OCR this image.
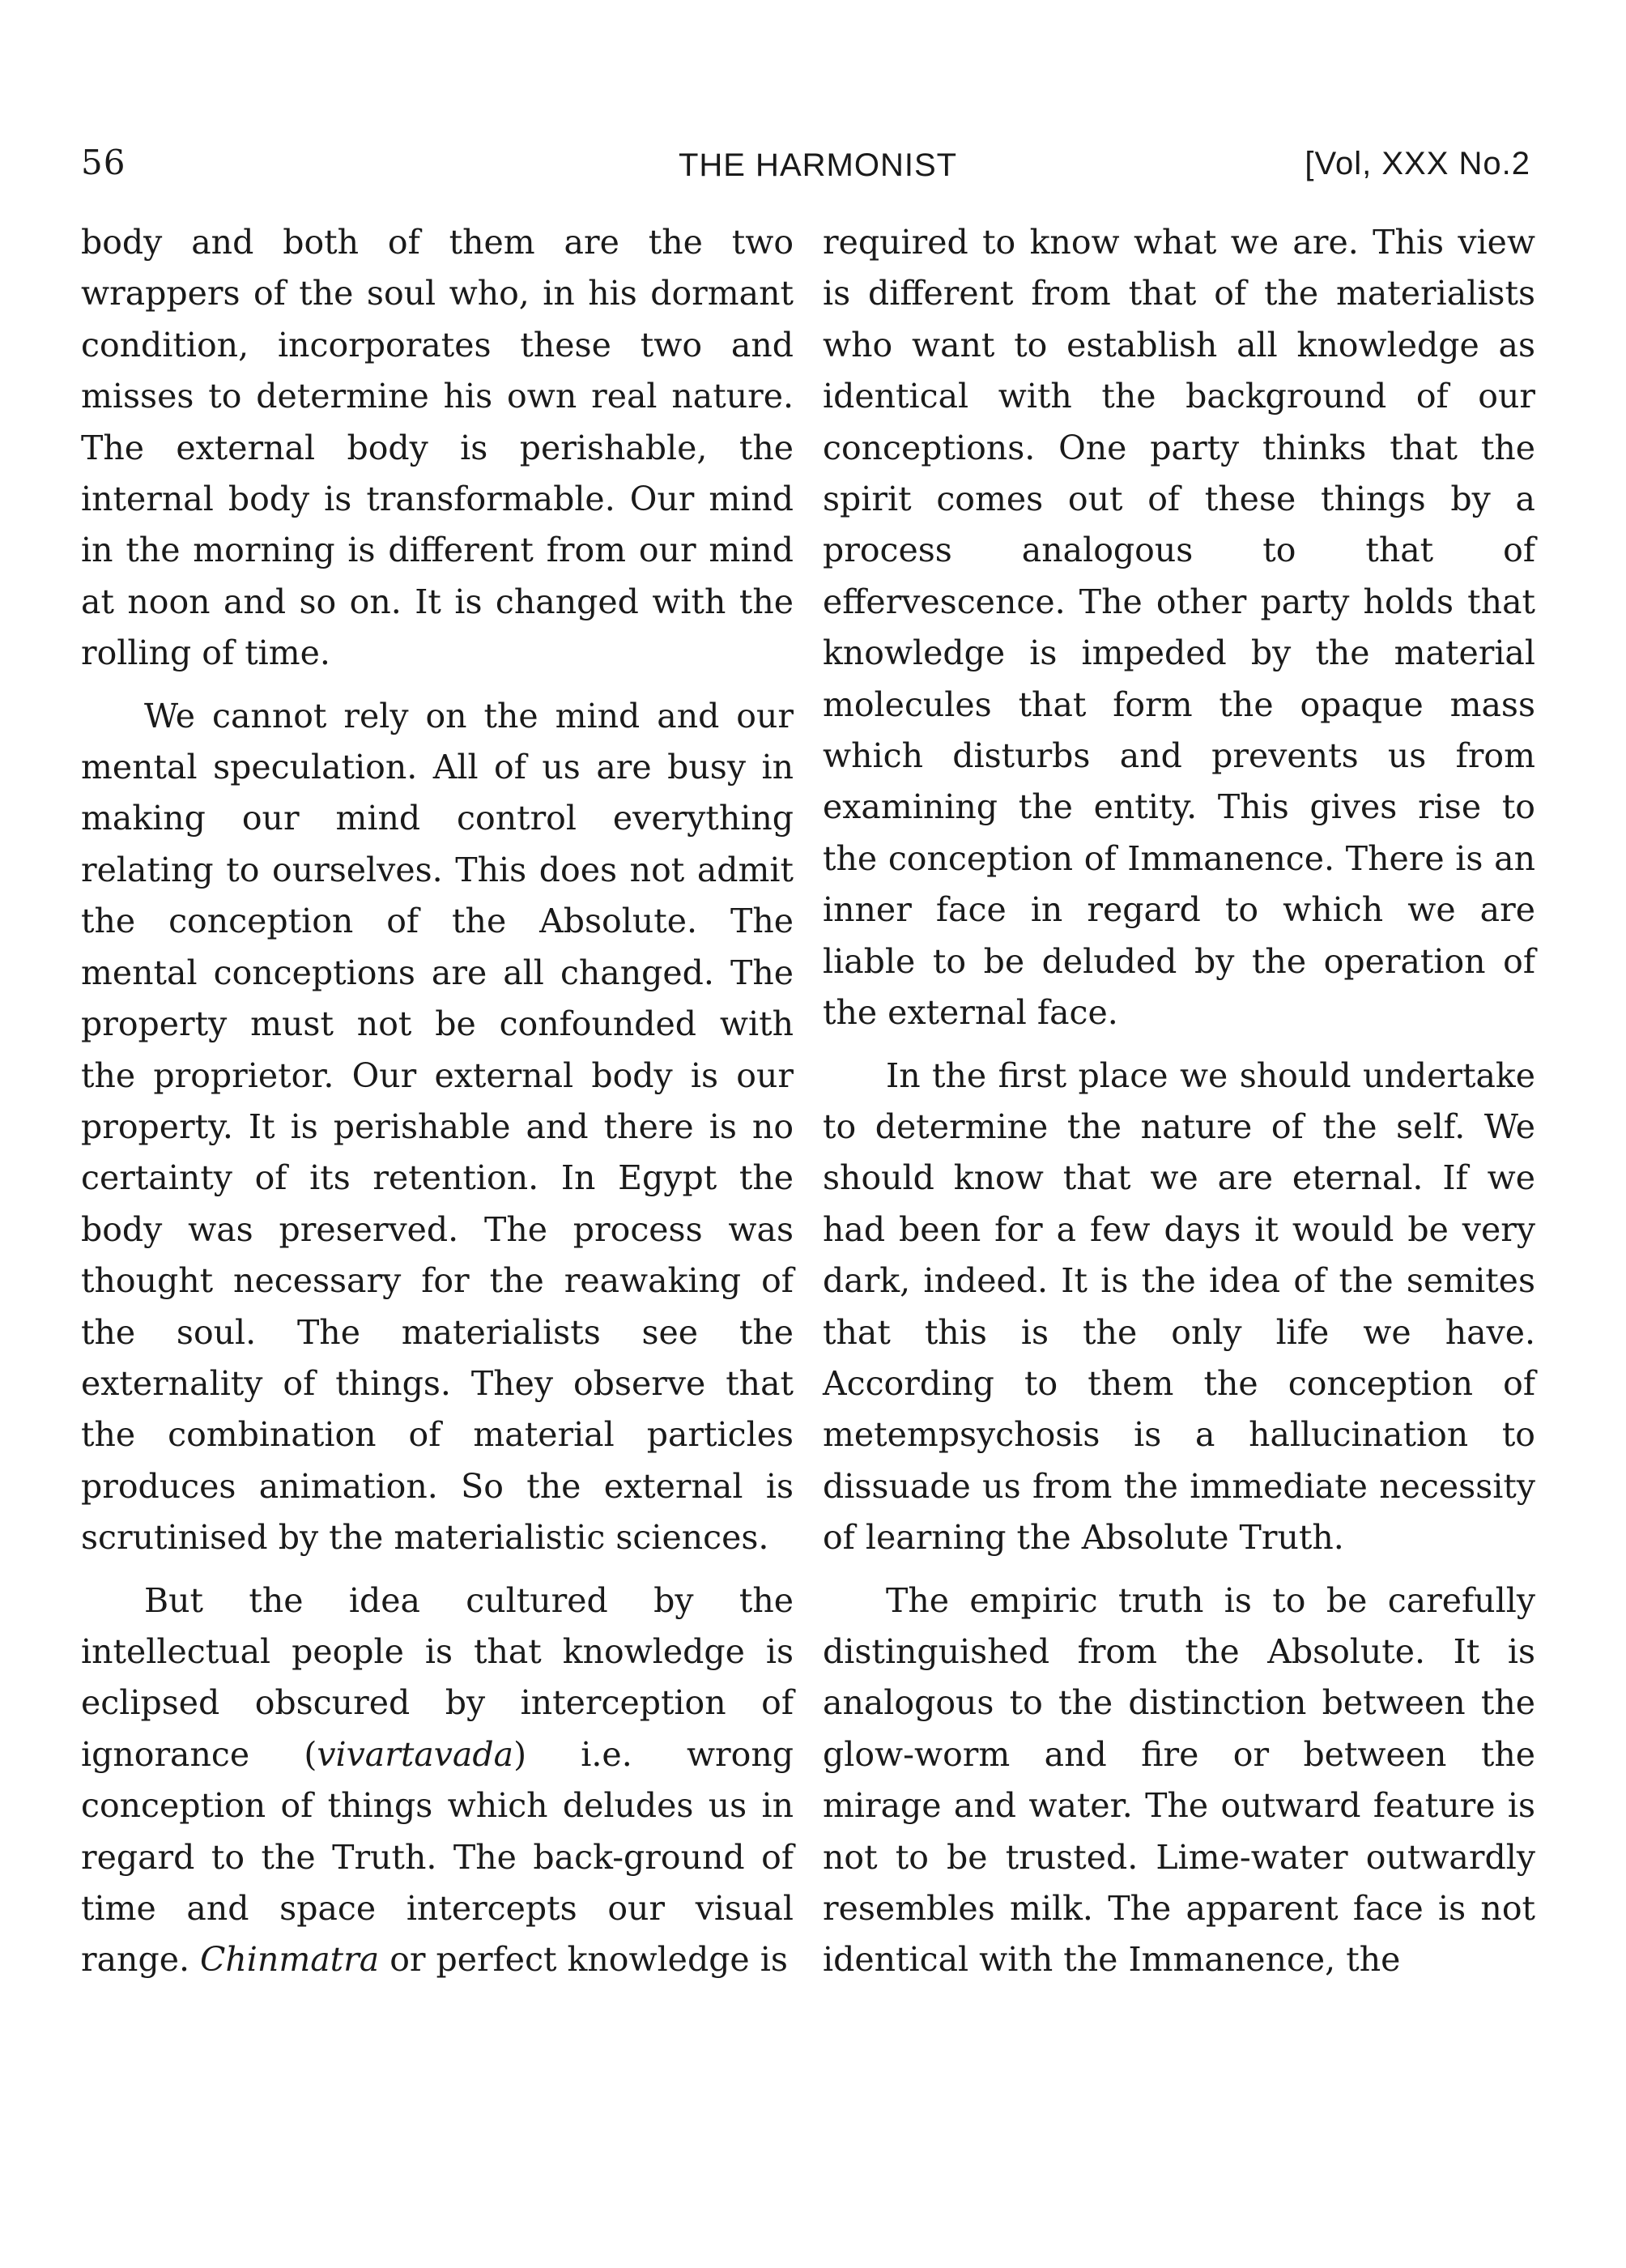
56	THE HARMONIST	[Vol, XXX No.2

body and both of them are the two wrappers of the soul who, in his dormant condition, incorporates these two and misses to determine his own real nature. The external body is perishable, the internal body is transformable. Our mind in the morning is different from our mind at noon and so on. It is changed with the rolling of time.

We cannot rely on the mind and our mental speculation. All of us are busy in making our mind control everything relating to ourselves. This does not admit the conception of the Absolute. The mental conceptions are all changed. The property must not be confounded with the proprietor. Our external body is our property. It is perishable and there is no certainty of its retention. In Egypt the body was preserved. The process was thought necessary for the reawaking of the soul. The materialists see the externality of things. They observe that the combination of material particles produces animation. So the external is scrutinised by the materialistic sciences.

But the idea cultured by the intellectual people is that knowledge is eclipsed obscured by interception of ignorance (vivartavada) i.e. wrong conception of things which deludes us in regard to the Truth. The back-ground of time and space intercepts our visual range. Chinmatra or perfect knowledge is

required to know what we are. This view is different from that of the materialists who want to establish all knowledge as identical with the background of our conceptions. One party thinks that the spirit comes out of these things by a process analogous to that of effervescence. The other party holds that knowledge is impeded by the material molecules that form the opaque mass which disturbs and prevents us from examining the entity. This gives rise to the conception of Immanence. There is an inner face in regard to which we are liable to be deluded by the operation of the external face.

In the first place we should undertake to determine the nature of the self. We should know that we are eternal. If we had been for a few days it would be very dark, indeed. It is the idea of the semites that this is the only life we have. According to them the conception of metempsychosis is a hallucination to dissuade us from the immediate necessity of learning the Absolute Truth.

The empiric truth is to be carefully distinguished from the Absolute. It is analogous to the distinction between the glow-worm and fire or between the mirage and water. The outward feature is not to be trusted. Lime-water outwardly resembles milk. The apparent face is not identical with the Immanence, the
